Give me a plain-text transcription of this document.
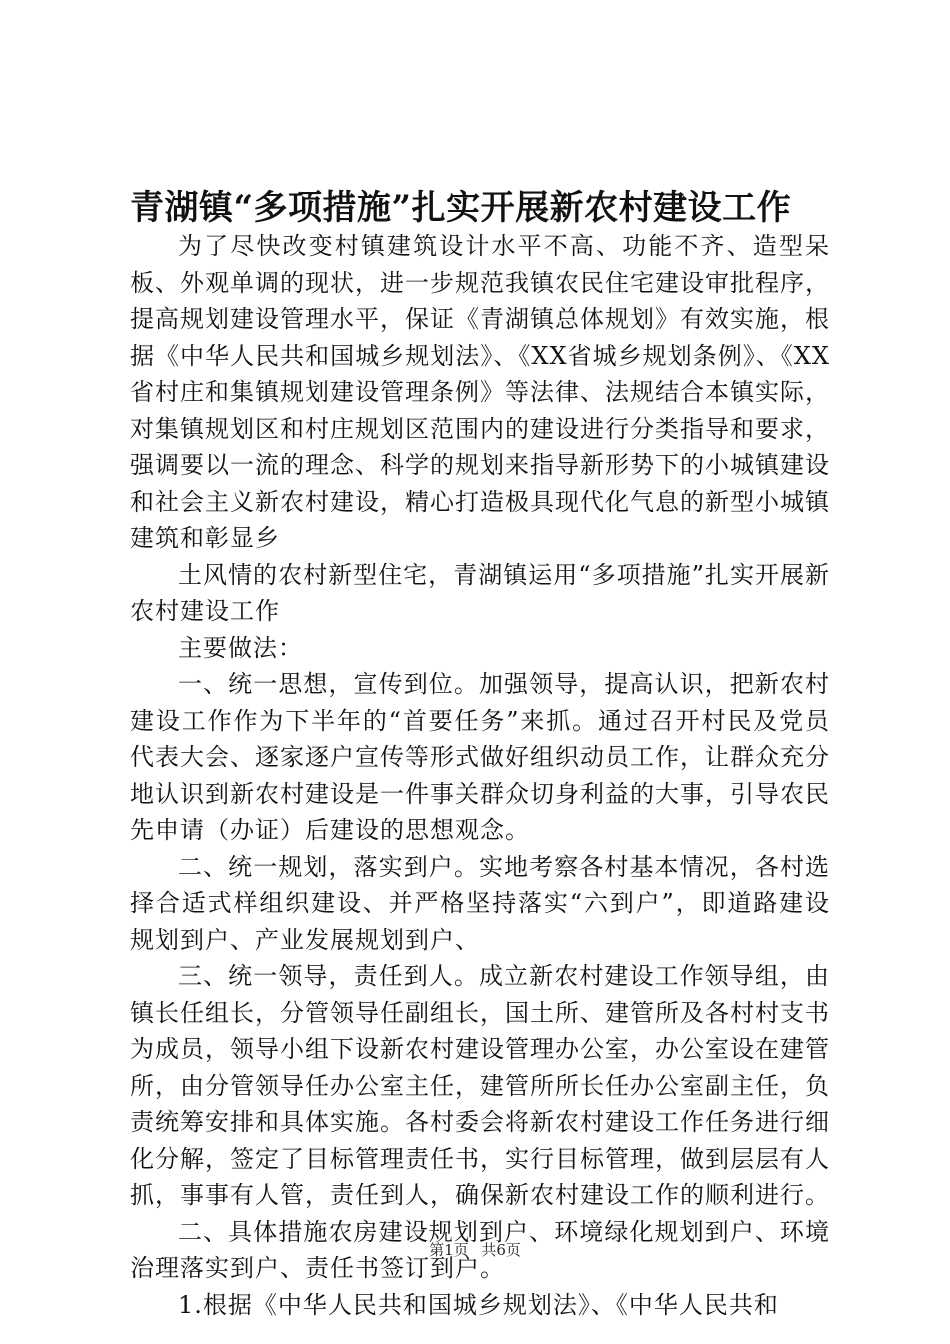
青湖镇“多项措施”扎实开展新农村建设工作

为了尽快改变村镇建筑设计水平不高、功能不齐、造型呆板、外观单调的现状，进一步规范我镇农民住宅建设审批程序，提高规划建设管理水平，保证《青湖镇总体规划》有效实施，根据《中华人民共和国城乡规划法》、《XX省城乡规划条例》、《XX省村庄和集镇规划建设管理条例》等法律、法规结合本镇实际，对集镇规划区和村庄规划区范围内的建设进行分类指导和要求，强调要以一流的理念、科学的规划来指导新形势下的小城镇建设和社会主义新农村建设，精心打造极具现代化气息的新型小城镇建筑和彰显乡

土风情的农村新型住宅，青湖镇运用“多项措施”扎实开展新农村建设工作

主要做法：

一、统一思想，宣传到位。加强领导，提高认识，把新农村建设工作作为下半年的“首要任务”来抓。通过召开村民及党员代表大会、逐家逐户宣传等形式做好组织动员工作，让群众充分地认识到新农村建设是一件事关群众切身利益的大事，引导农民先申请（办证）后建设的思想观念。

二、统一规划，落实到户。实地考察各村基本情况，各村选择合适式样组织建设、并严格坚持落实“六到户”，即道路建设规划到户、产业发展规划到户、

三、统一领导，责任到人。成立新农村建设工作领导组，由镇长任组长，分管领导任副组长，国土所、建管所及各村村支书为成员，领导小组下设新农村建设管理办公室，办公室设在建管所，由分管领导任办公室主任，建管所所长任办公室副主任，负责统筹安排和具体实施。各村委会将新农村建设工作任务进行细化分解，签定了目标管理责任书，实行目标管理，做到层层有人抓，事事有人管，责任到人，确保新农村建设工作的顺利进行。

二、具体措施农房建设规划到户、环境绿化规划到户、环境治理落实到户、责任书签订到户。

1.根据《中华人民共和国城乡规划法》、《中华人民共和

第1页 共6页
